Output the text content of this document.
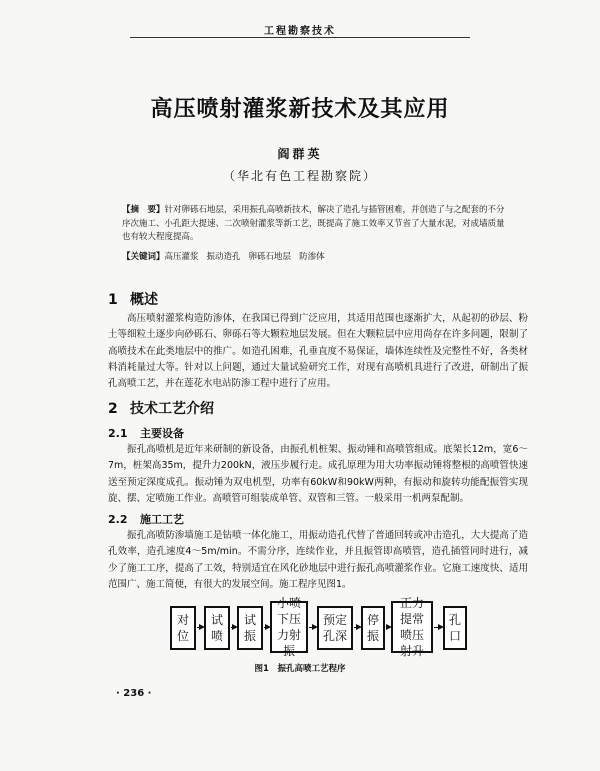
工程勘察技术
高压喷射灌浆新技术及其应用
阎群英
（华北有色工程勘察院）
【摘　要】针对卵砾石地层，采用振孔高喷新技术，解决了造孔与插管困难，并创造了与之配套的不分序次施工、小孔距大提速、二次喷射灌浆等新工艺，既提高了施工效率又节省了大量水泥，对成墙质量也有较大程度提高。
【关键词】高压灌浆 振动造孔 卵砾石地层 防渗体
1 概述
高压喷射灌浆构造防渗体，在我国已得到广泛应用，其适用范围也逐渐扩大，从起初的砂层、粉土等细粒土逐步向砂砾石、卵砾石等大颗粒地层发展。但在大颗粒层中应用尚存在许多问题，限制了高喷技术在此类地层中的推广。如造孔困难，孔垂直度不易保证，墙体连续性及完整性不好，各类材料消耗量过大等。针对以上问题，通过大量试验研究工作，对现有高喷机具进行了改进，研制出了振孔高喷工艺，并在莲花水电站防渗工程中进行了应用。
2 技术工艺介绍
2.1 主要设备
振孔高喷机是近年来研制的新设备，由振孔机桩架、振动锤和高喷管组成。底架长12m，宽6～7m，桩架高35m，提升力200kN，液压步履行走。成孔原理为用大功率振动锤将整根的高喷管快速送至预定深度成孔。振动锤为双电机型，功率有60kW和90kW两种，有振动和旋转功能配振管实现旋、摆、定喷施工作业。高喷管可组装成单管、双管和三管。一般采用一机两泵配制。
2.2 施工工艺
振孔高喷防渗墙施工是钻喷一体化施工，用振动造孔代替了普通回转或冲击造孔，大大提高了造孔效率，造孔速度4～5m/min。不需分序，连续作业，并且振管即高喷管，造孔插管同时进行，减少了施工工序，提高了工效，特别适宜在风化砂地层中进行振孔高喷灌浆作业。它施工速度快、适用范围广、施工简便，有很大的发展空间。施工程序见图1。
对位
试喷
试振
小喷下压力射振
预定孔深
停振
正力提常喷压射升
孔口
图1　振孔高喷工艺程序
· 236 ·
